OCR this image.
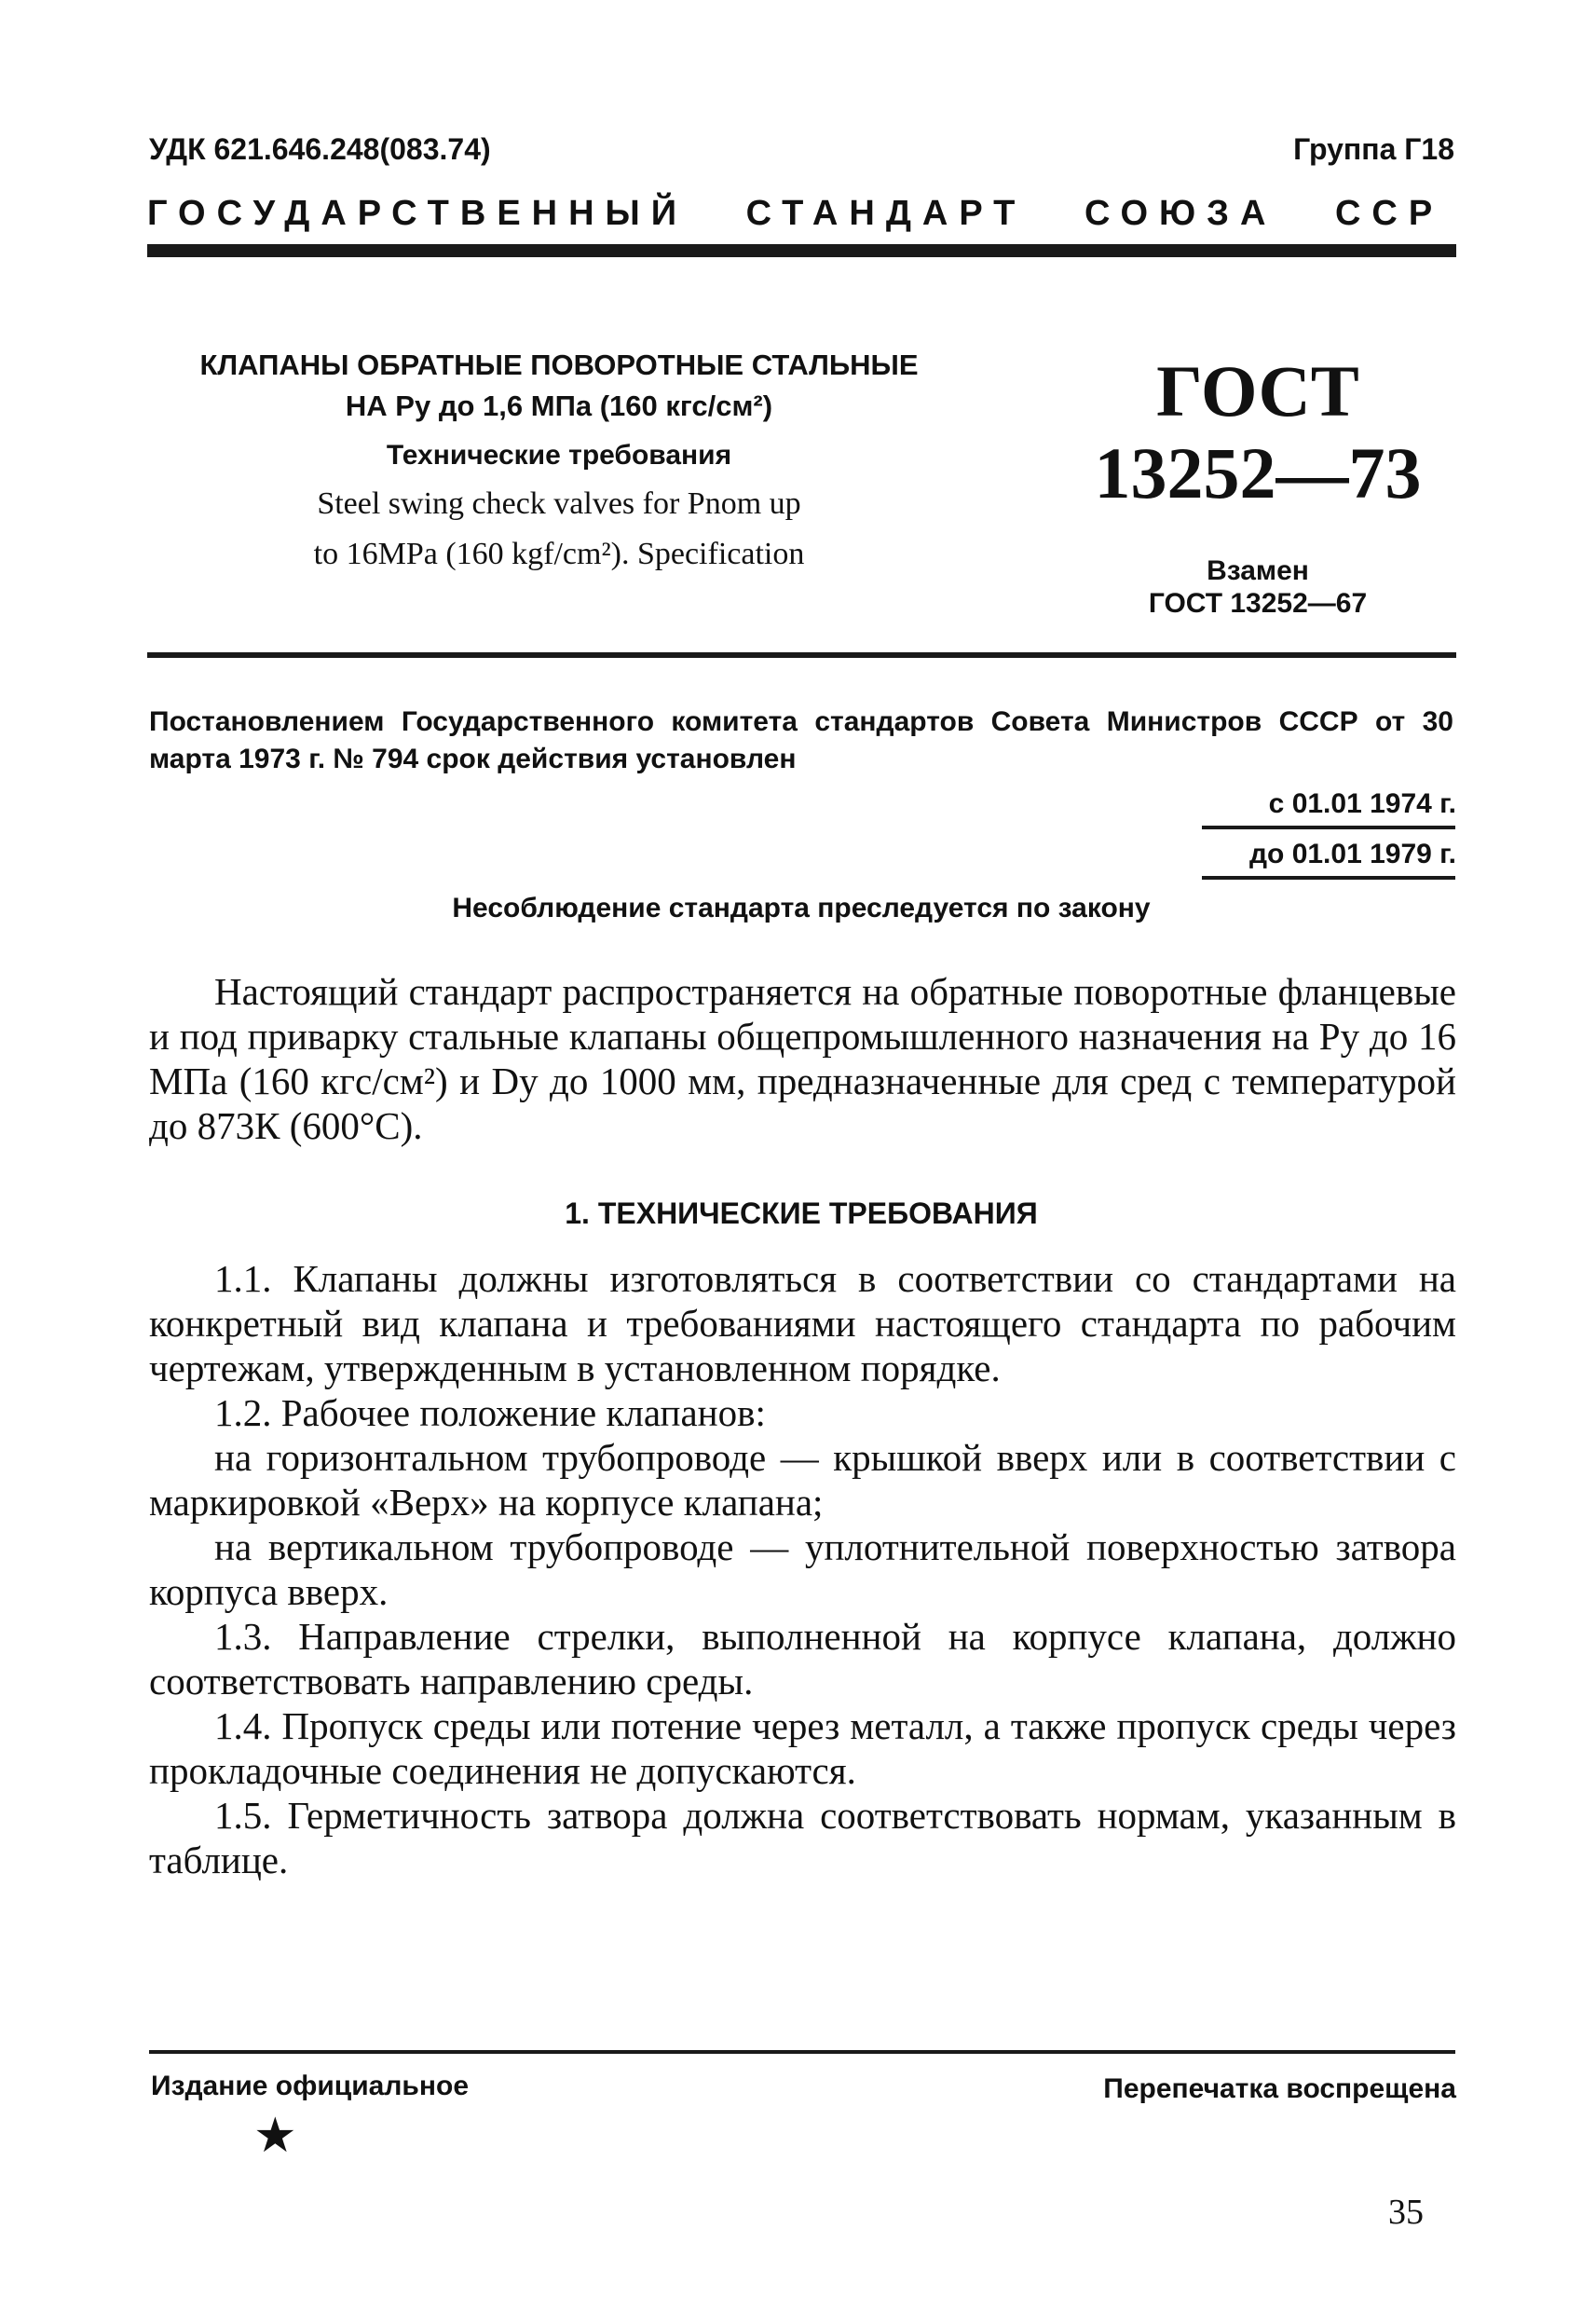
УДК 621.646.248(083.74)	Группа Г18
ГОСУДАРСТВЕННЫЙ СТАНДАРТ СОЮЗА ССР
КЛАПАНЫ ОБРАТНЫЕ ПОВОРОТНЫЕ СТАЛЬНЫЕ
НА Pу до 1,6 МПа (160 кгс/см²)
Технические требования
Steel swing check valves for Pnom up
to 16MPa (160 kgf/cm²). Specification
ГОСТ
13252—73
Взамен
ГОСТ 13252—67
Постановлением Государственного комитета стандартов Совета Министров СССР от 30 марта 1973 г. № 794 срок действия установлен
с 01.01 1974 г.
до 01.01 1979 г.
Несоблюдение стандарта преследуется по закону

Настоящий стандарт распространяется на обратные поворотные фланцевые и под приварку стальные клапаны общепромышленного назначения на Pу до 16 МПа (160 кгс/см²) и Dу до 1000 мм, предназначенные для сред с температурой до 873К (600°С).

1. ТЕХНИЧЕСКИЕ ТРЕБОВАНИЯ

1.1. Клапаны должны изготовляться в соответствии со стандартами на конкретный вид клапана и требованиями настоящего стандарта по рабочим чертежам, утвержденным в установленном порядке.

1.2. Рабочее положение клапанов:

на горизонтальном трубопроводе — крышкой вверх или в соответствии с маркировкой «Верх» на корпусе клапана;

на вертикальном трубопроводе — уплотнительной поверхностью затвора корпуса вверх.

1.3. Направление стрелки, выполненной на корпусе клапана, должно соответствовать направлению среды.

1.4. Пропуск среды или потение через металл, а также пропуск среды через прокладочные соединения не допускаются.

1.5. Герметичность затвора должна соответствовать нормам, указанным в таблице.

Издание официальное	Перепечатка воспрещена
★
35
